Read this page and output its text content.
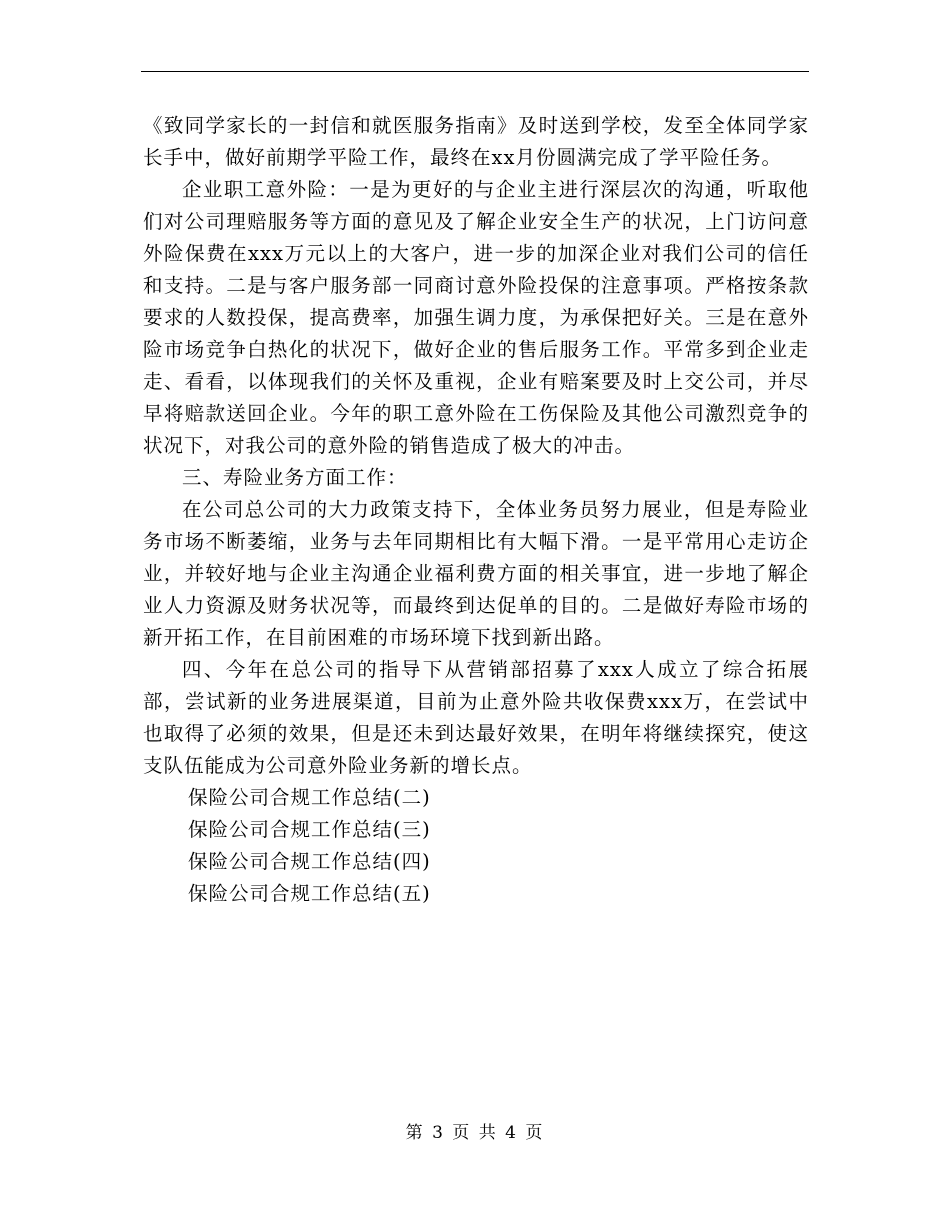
《致同学家长的一封信和就医服务指南》及时送到学校，发至全体同学家长手中，做好前期学平险工作，最终在xx月份圆满完成了学平险任务。

企业职工意外险：一是为更好的与企业主进行深层次的沟通，听取他们对公司理赔服务等方面的意见及了解企业安全生产的状况，上门访问意外险保费在xxx万元以上的大客户，进一步的加深企业对我们公司的信任和支持。二是与客户服务部一同商讨意外险投保的注意事项。严格按条款要求的人数投保，提高费率，加强生调力度，为承保把好关。三是在意外险市场竞争白热化的状况下，做好企业的售后服务工作。平常多到企业走走、看看，以体现我们的关怀及重视，企业有赔案要及时上交公司，并尽早将赔款送回企业。今年的职工意外险在工伤保险及其他公司激烈竞争的状况下，对我公司的意外险的销售造成了极大的冲击。

三、寿险业务方面工作：

在公司总公司的大力政策支持下，全体业务员努力展业，但是寿险业务市场不断萎缩，业务与去年同期相比有大幅下滑。一是平常用心走访企业，并较好地与企业主沟通企业福利费方面的相关事宜，进一步地了解企业人力资源及财务状况等，而最终到达促单的目的。二是做好寿险市场的新开拓工作，在目前困难的市场环境下找到新出路。

四、今年在总公司的指导下从营销部招募了xxx人成立了综合拓展部，尝试新的业务进展渠道，目前为止意外险共收保费xxx万，在尝试中也取得了必须的效果，但是还未到达最好效果，在明年将继续探究，使这支队伍能成为公司意外险业务新的增长点。

保险公司合规工作总结(二)

保险公司合规工作总结(三)

保险公司合规工作总结(四)

保险公司合规工作总结(五)

第 3 页 共 4 页
